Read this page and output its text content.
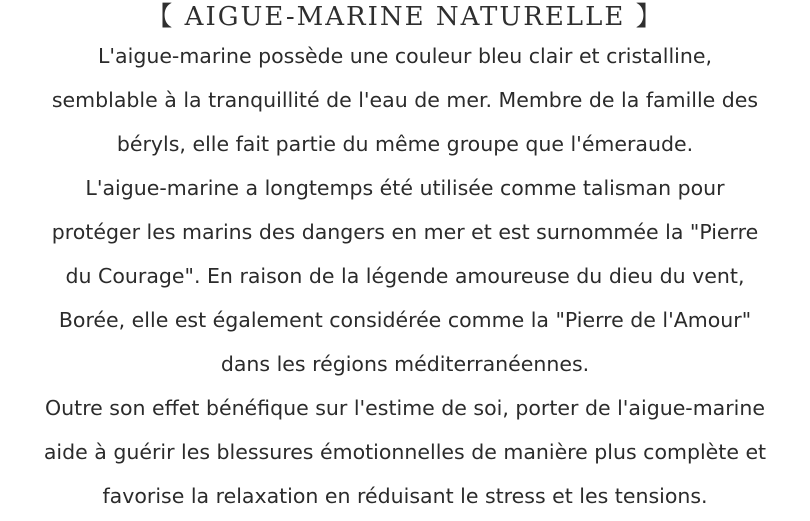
【 AIGUE-MARINE NATURELLE 】

L'aigue-marine possède une couleur bleu clair et cristalline,
semblable à la tranquillité de l'eau de mer. Membre de la famille des
béryls, elle fait partie du même groupe que l'émeraude.

L'aigue-marine a longtemps été utilisée comme talisman pour
protéger les marins des dangers en mer et est surnommée la "Pierre
du Courage". En raison de la légende amoureuse du dieu du vent,
Borée, elle est également considérée comme la "Pierre de l'Amour"
dans les régions méditerranéennes.

Outre son effet bénéfique sur l'estime de soi, porter de l'aigue-marine
aide à guérir les blessures émotionnelles de manière plus complète et
favorise la relaxation en réduisant le stress et les tensions.
